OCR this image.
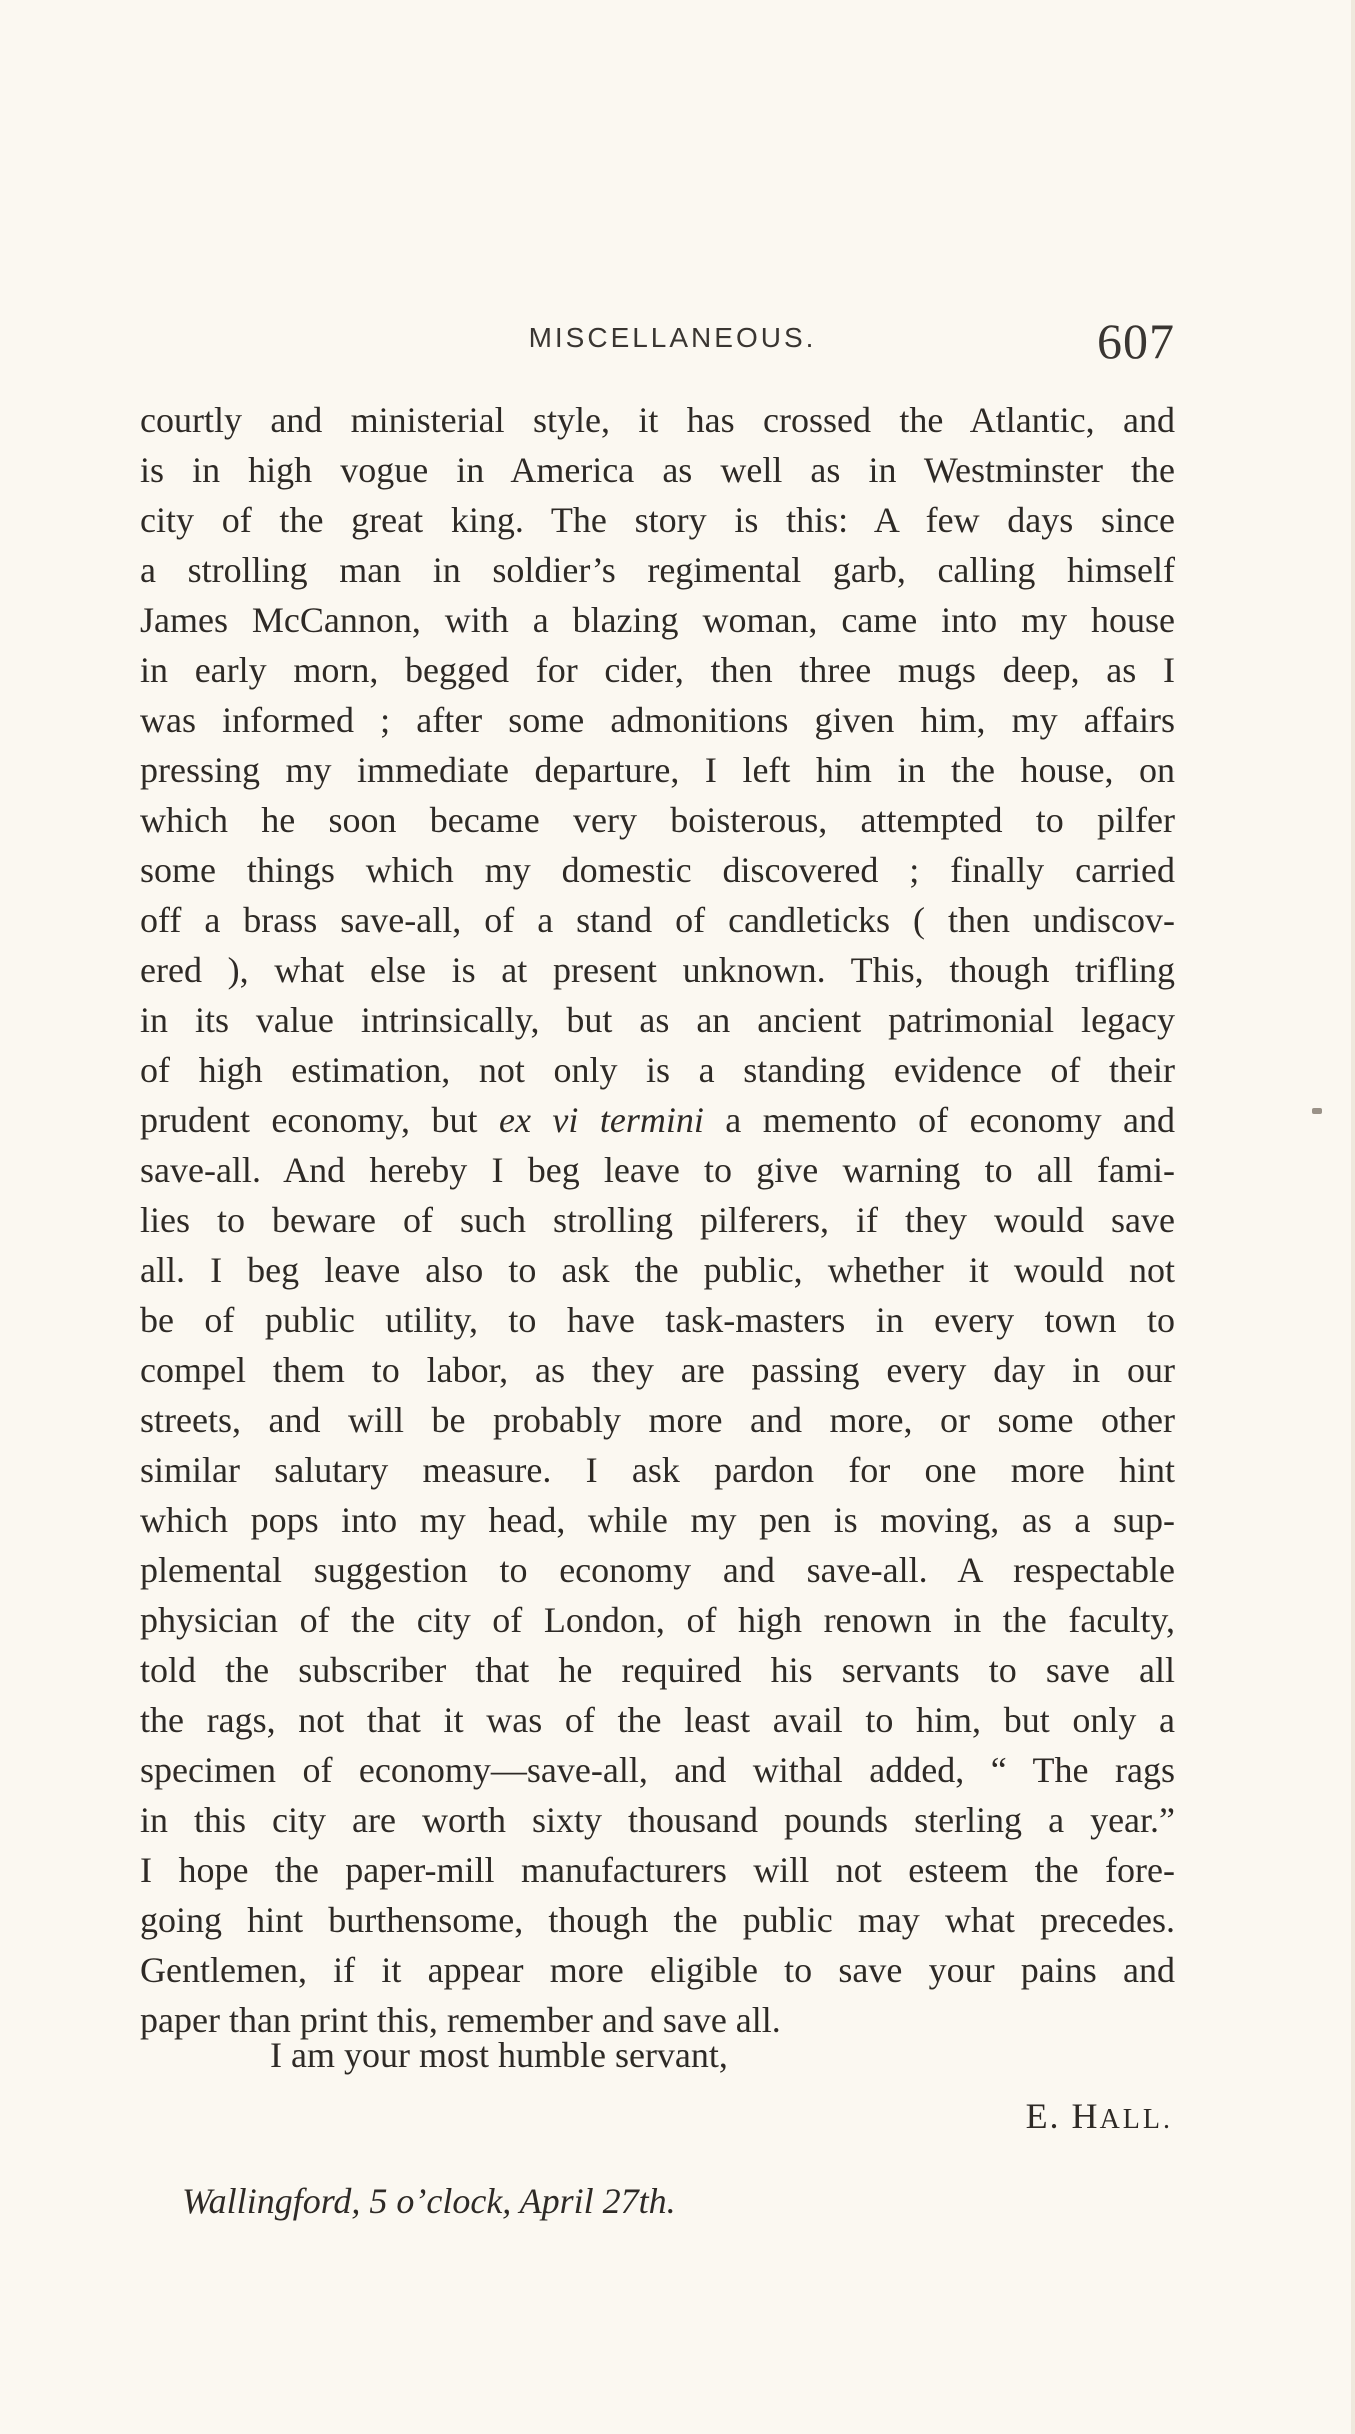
MISCELLANEOUS.	607
courtly and ministerial style, it has crossed the Atlantic, and
is in high vogue in America as well as in Westminster the
city of the great king. The story is this: A few days since
a strolling man in soldier’s regimental garb, calling himself
James McCannon, with a blazing woman, came into my house
in early morn, begged for cider, then three mugs deep, as I
was informed ; after some admonitions given him, my affairs
pressing my immediate departure, I left him in the house, on
which he soon became very boisterous, attempted to pilfer
some things which my domestic discovered ; finally carried
off a brass save-all, of a stand of candleticks ( then undiscov-
ered ), what else is at present unknown. This, though trifling
in its value intrinsically, but as an ancient patrimonial legacy
of high estimation, not only is a standing evidence of their
prudent economy, but ex vi termini a memento of economy and
save-all. And hereby I beg leave to give warning to all fami-
lies to beware of such strolling pilferers, if they would save
all. I beg leave also to ask the public, whether it would not
be of public utility, to have task-masters in every town to
compel them to labor, as they are passing every day in our
streets, and will be probably more and more, or some other
similar salutary measure. I ask pardon for one more hint
which pops into my head, while my pen is moving, as a sup-
plemental suggestion to economy and save-all. A respectable
physician of the city of London, of high renown in the faculty,
told the subscriber that he required his servants to save all
the rags, not that it was of the least avail to him, but only a
specimen of economy—save-all, and withal added, “ The rags
in this city are worth sixty thousand pounds sterling a year.”
I hope the paper-mill manufacturers will not esteem the fore-
going hint burthensome, though the public may what precedes.
Gentlemen, if it appear more eligible to save your pains and
paper than print this, remember and save all.
I am your most humble servant,
E. HALL.
Wallingford, 5 o’clock, April 27th.
